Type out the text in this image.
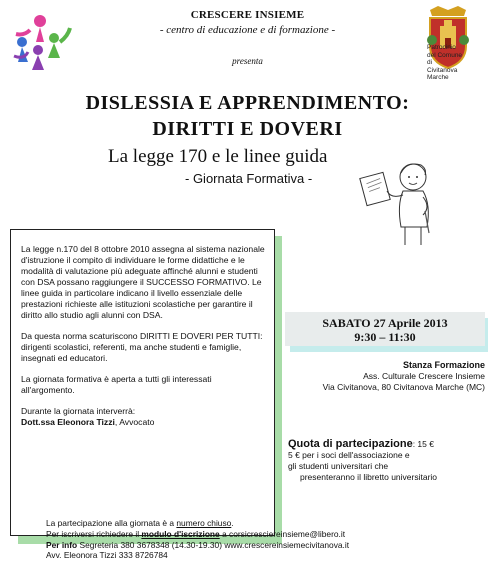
CRESCERE INSIEME
- centro di educazione e di formazione -
presenta
Patrocinio
del Comune
di
Civitanova
Marche
DISLESSIA E APPRENDIMENTO:
DIRITTI E DOVERI
La legge 170 e le linee guida
- Giornata Formativa -

La legge n.170 del 8 ottobre 2010 assegna al sistema nazionale d'istruzione il compito di individuare le forme didattiche e le modalità di valutazione più adeguate affinché alunni e studenti con DSA possano raggiungere il SUCCESSO FORMATIVO. Le linee guida in particolare indicano il livello essenziale delle prestazioni richieste alle istituzioni scolastiche per garantire il diritto allo studio agli alunni con DSA.

Da questa norma scaturiscono DIRITTI E DOVERI PER TUTTI: dirigenti scolastici, referenti, ma anche studenti e famiglie, insegnati ed educatori.

La giornata formativa è aperta a tutti gli interessati all'argomento.

Durante la giornata interverrà:
Dott.ssa Eleonora Tizzi, Avvocato
SABATO 27 Aprile 2013
9:30 – 11:30
Stanza Formazione
Ass. Culturale Crescere Insieme
Via Civitanova, 80 Civitanova Marche (MC)
Quota di partecipazione: 15 €
5 € per i soci dell'associazione e
gli studenti universitari che
presenteranno il libretto universitario
La partecipazione alla giornata è a numero chiuso.
Per iscriversi richiedere il modulo d'iscrizione a corsicresciereinsieme@libero.it
Per info Segreteria 380 3678348 (14.30-19.30) www.crescereinsiemecivitanova.it
Avv. Eleonora Tizzi 333 8726784
